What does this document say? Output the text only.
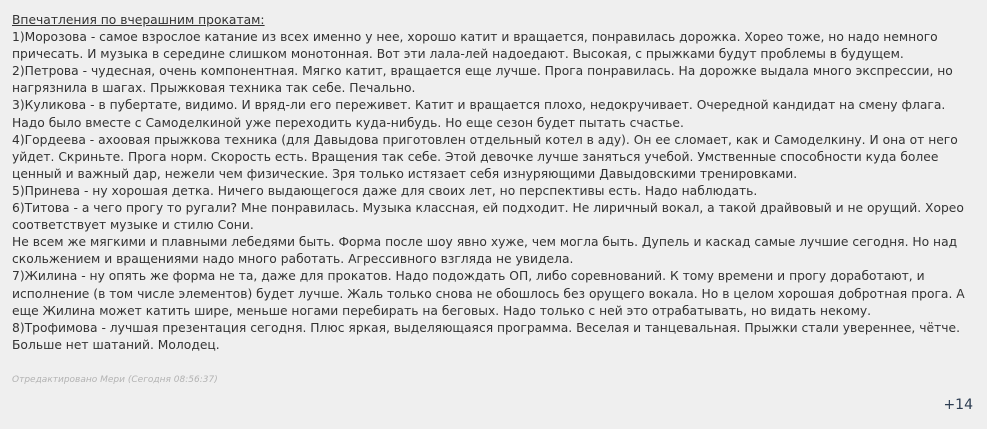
Впечатления по вчерашним прокатам:
1)Морозова - самое взрослое катание из всех именно у нее, хорошо катит и вращается, понравилась дорожка. Хорео тоже, но надо немного причесать. И музыка в середине слишком монотонная. Вот эти лала-лей надоедают. Высокая, с прыжками будут проблемы в будущем.
2)Петрова - чудесная, очень компонентная. Мягко катит, вращается еще лучше. Прога понравилась. На дорожке выдала много экспрессии, но нагрязнила в шагах. Прыжковая техника так себе. Печально.
3)Куликова - в пубертате, видимо. И вряд-ли его переживет. Катит и вращается плохо, недокручивает. Очередной кандидат на смену флага. Надо было вместе с Самоделкиной уже переходить куда-нибудь. Но еще сезон будет пытать счастье.
4)Гордеева - ахоовая прыжкова техника (для Давыдова приготовлен отдельный котел в аду). Он ее сломает, как и Самоделкину. И она от него уйдет. Скриньте. Прога норм. Скорость есть. Вращения так себе. Этой девочке лучше заняться учебой. Умственные способности куда более ценный и важный дар, нежели чем физические. Зря только истязает себя изнуряющими Давыдовскими тренировками.
5)Принева - ну хорошая детка. Ничего выдающегося даже для своих лет, но перспективы есть. Надо наблюдать.
6)Титова - а чего прогу то ругали? Мне понравилась. Музыка классная, ей подходит. Не лиричный вокал, а такой драйвовый и не орущий. Хорео соответствует музыке и стилю Сони.
Не всем же мягкими и плавными лебедями быть. Форма после шоу явно хуже, чем могла быть. Дупель и каскад самые лучшие сегодня. Но над скольжением и вращениями надо много работать. Агрессивного взгляда не увидела.
7)Жилина - ну опять же форма не та, даже для прокатов. Надо подождать ОП, либо соревнований. К тому времени и прогу доработают, и исполнение (в том числе элементов) будет лучше. Жаль только снова не обошлось без орущего вокала. Но в целом хорошая добротная прога. А еще Жилина может катить шире, меньше ногами перебирать на беговых. Надо только с ней это отрабатывать, но видать некому.
8)Трофимова - лучшая презентация сегодня. Плюс яркая, выделяющаяся программа. Веселая и танцевальная. Прыжки стали увереннее, чётче. Больше нет шатаний. Молодец.
Отредактировано Мери (Сегодня 08:56:37)
+14
